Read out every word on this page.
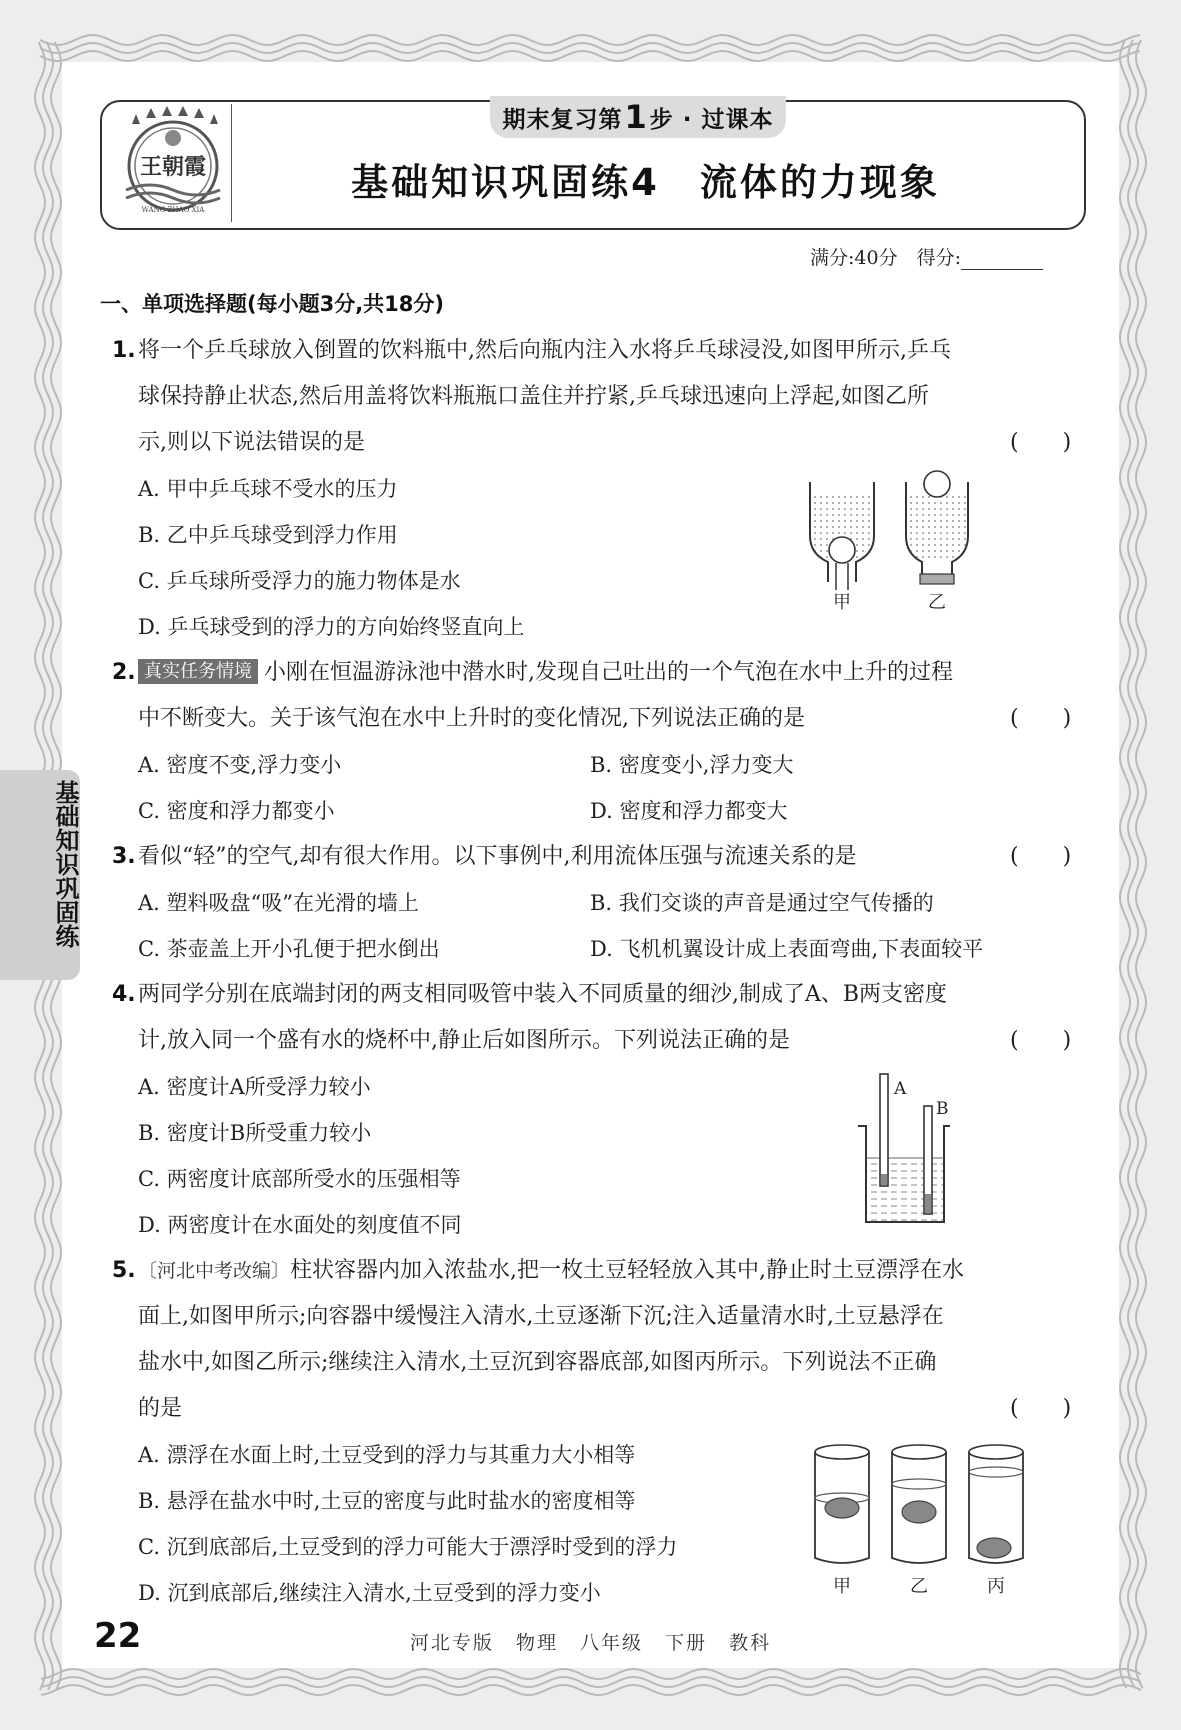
王朝霞
WANG ZHAO XIA
期末复习第 1 步 · 过课本
基础知识巩固练4　流体的力现象
满分:40分　得分:
一、单项选择题(每小题3分,共18分)
1. 将一个乒乓球放入倒置的饮料瓶中,然后向瓶内注入水将乒乓球浸没,如图甲所示,乒乓
球保持静止状态,然后用盖将饮料瓶瓶口盖住并拧紧,乒乓球迅速向上浮起,如图乙所
示,则以下说法错误的是	(　　)
A. 甲中乒乓球不受水的压力
B. 乙中乒乓球受到浮力作用
C. 乒乓球所受浮力的施力物体是水
D. 乒乓球受到的浮力的方向始终竖直向上
甲	乙
2. 真实任务情境 小刚在恒温游泳池中潜水时,发现自己吐出的一个气泡在水中上升的过程
中不断变大。关于该气泡在水中上升时的变化情况,下列说法正确的是	(　　)
A. 密度不变,浮力变小	B. 密度变小,浮力变大
C. 密度和浮力都变小	D. 密度和浮力都变大
3. 看似“轻”的空气,却有很大作用。以下事例中,利用流体压强与流速关系的是	(　　)
A. 塑料吸盘“吸”在光滑的墙上	B. 我们交谈的声音是通过空气传播的
C. 茶壶盖上开小孔便于把水倒出	D. 飞机机翼设计成上表面弯曲,下表面较平
4. 两同学分别在底端封闭的两支相同吸管中装入不同质量的细沙,制成了A、B两支密度
计,放入同一个盛有水的烧杯中,静止后如图所示。下列说法正确的是	(　　)
A. 密度计A所受浮力较小
B. 密度计B所受重力较小
C. 两密度计底部所受水的压强相等
D. 两密度计在水面处的刻度值不同
A
B
5. 〔河北中考改编〕柱状容器内加入浓盐水,把一枚土豆轻轻放入其中,静止时土豆漂浮在水
面上,如图甲所示;向容器中缓慢注入清水,土豆逐渐下沉;注入适量清水时,土豆悬浮在
盐水中,如图乙所示;继续注入清水,土豆沉到容器底部,如图丙所示。下列说法不正确
的是	(　　)
A. 漂浮在水面上时,土豆受到的浮力与其重力大小相等
B. 悬浮在盐水中时,土豆的密度与此时盐水的密度相等
C. 沉到底部后,土豆受到的浮力可能大于漂浮时受到的浮力
D. 沉到底部后,继续注入清水,土豆受到的浮力变小	甲	乙	丙
基础知识巩固练
22	河北专版 物理 八年级 下册 教科
